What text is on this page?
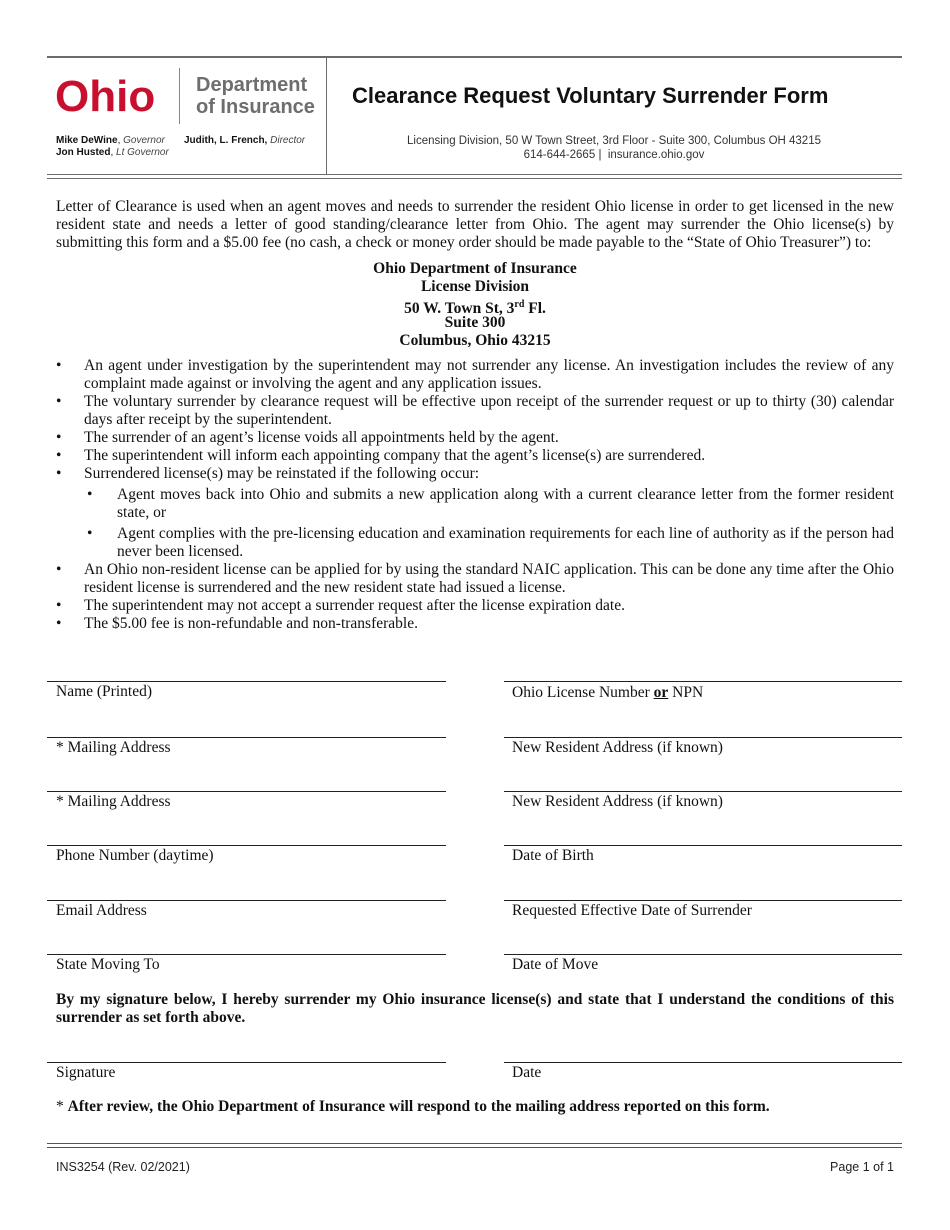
Ohio Department
of Insurance
Mike DeWine, Governor
Jon Husted, Lt Governor
Judith, L. French, Director
Clearance Request Voluntary Surrender Form
Licensing Division, 50 W Town Street, 3rd Floor - Suite 300, Columbus OH 43215
614-644-2665 | insurance.ohio.gov
Letter of Clearance is used when an agent moves and needs to surrender the resident Ohio license in order to get licensed in the new resident state and needs a letter of good standing/clearance letter from Ohio. The agent may surrender the Ohio license(s) by submitting this form and a $5.00 fee (no cash, a check or money order should be made payable to the “State of Ohio Treasurer”) to:
Ohio Department of Insurance
License Division
50 W. Town St, 3rd Fl.
Suite 300
Columbus, Ohio 43215
• An agent under investigation by the superintendent may not surrender any license. An investigation includes the review of any complaint made against or involving the agent and any application issues.
• The voluntary surrender by clearance request will be effective upon receipt of the surrender request or up to thirty (30) calendar days after receipt by the superintendent.
• The surrender of an agent’s license voids all appointments held by the agent.
• The superintendent will inform each appointing company that the agent’s license(s) are surrendered.
• Surrendered license(s) may be reinstated if the following occur:
• Agent moves back into Ohio and submits a new application along with a current clearance letter from the former resident state, or
• Agent complies with the pre-licensing education and examination requirements for each line of authority as if the person had never been licensed.
• An Ohio non-resident license can be applied for by using the standard NAIC application. This can be done any time after the Ohio resident license is surrendered and the new resident state had issued a license.
• The superintendent may not accept a surrender request after the license expiration date.
• The $5.00 fee is non-refundable and non-transferable.
Name (Printed)
* Mailing Address
* Mailing Address
Phone Number (daytime)
Email Address
State Moving To
Ohio License Number or NPN
New Resident Address (if known)
New Resident Address (if known)
Date of Birth
Requested Effective Date of Surrender
Date of Move
By my signature below, I hereby surrender my Ohio insurance license(s) and state that I understand the conditions of this surrender as set forth above.
Signature	Date
* After review, the Ohio Department of Insurance will respond to the mailing address reported on this form.
INS3254 (Rev. 02/2021)	Page 1 of 1
